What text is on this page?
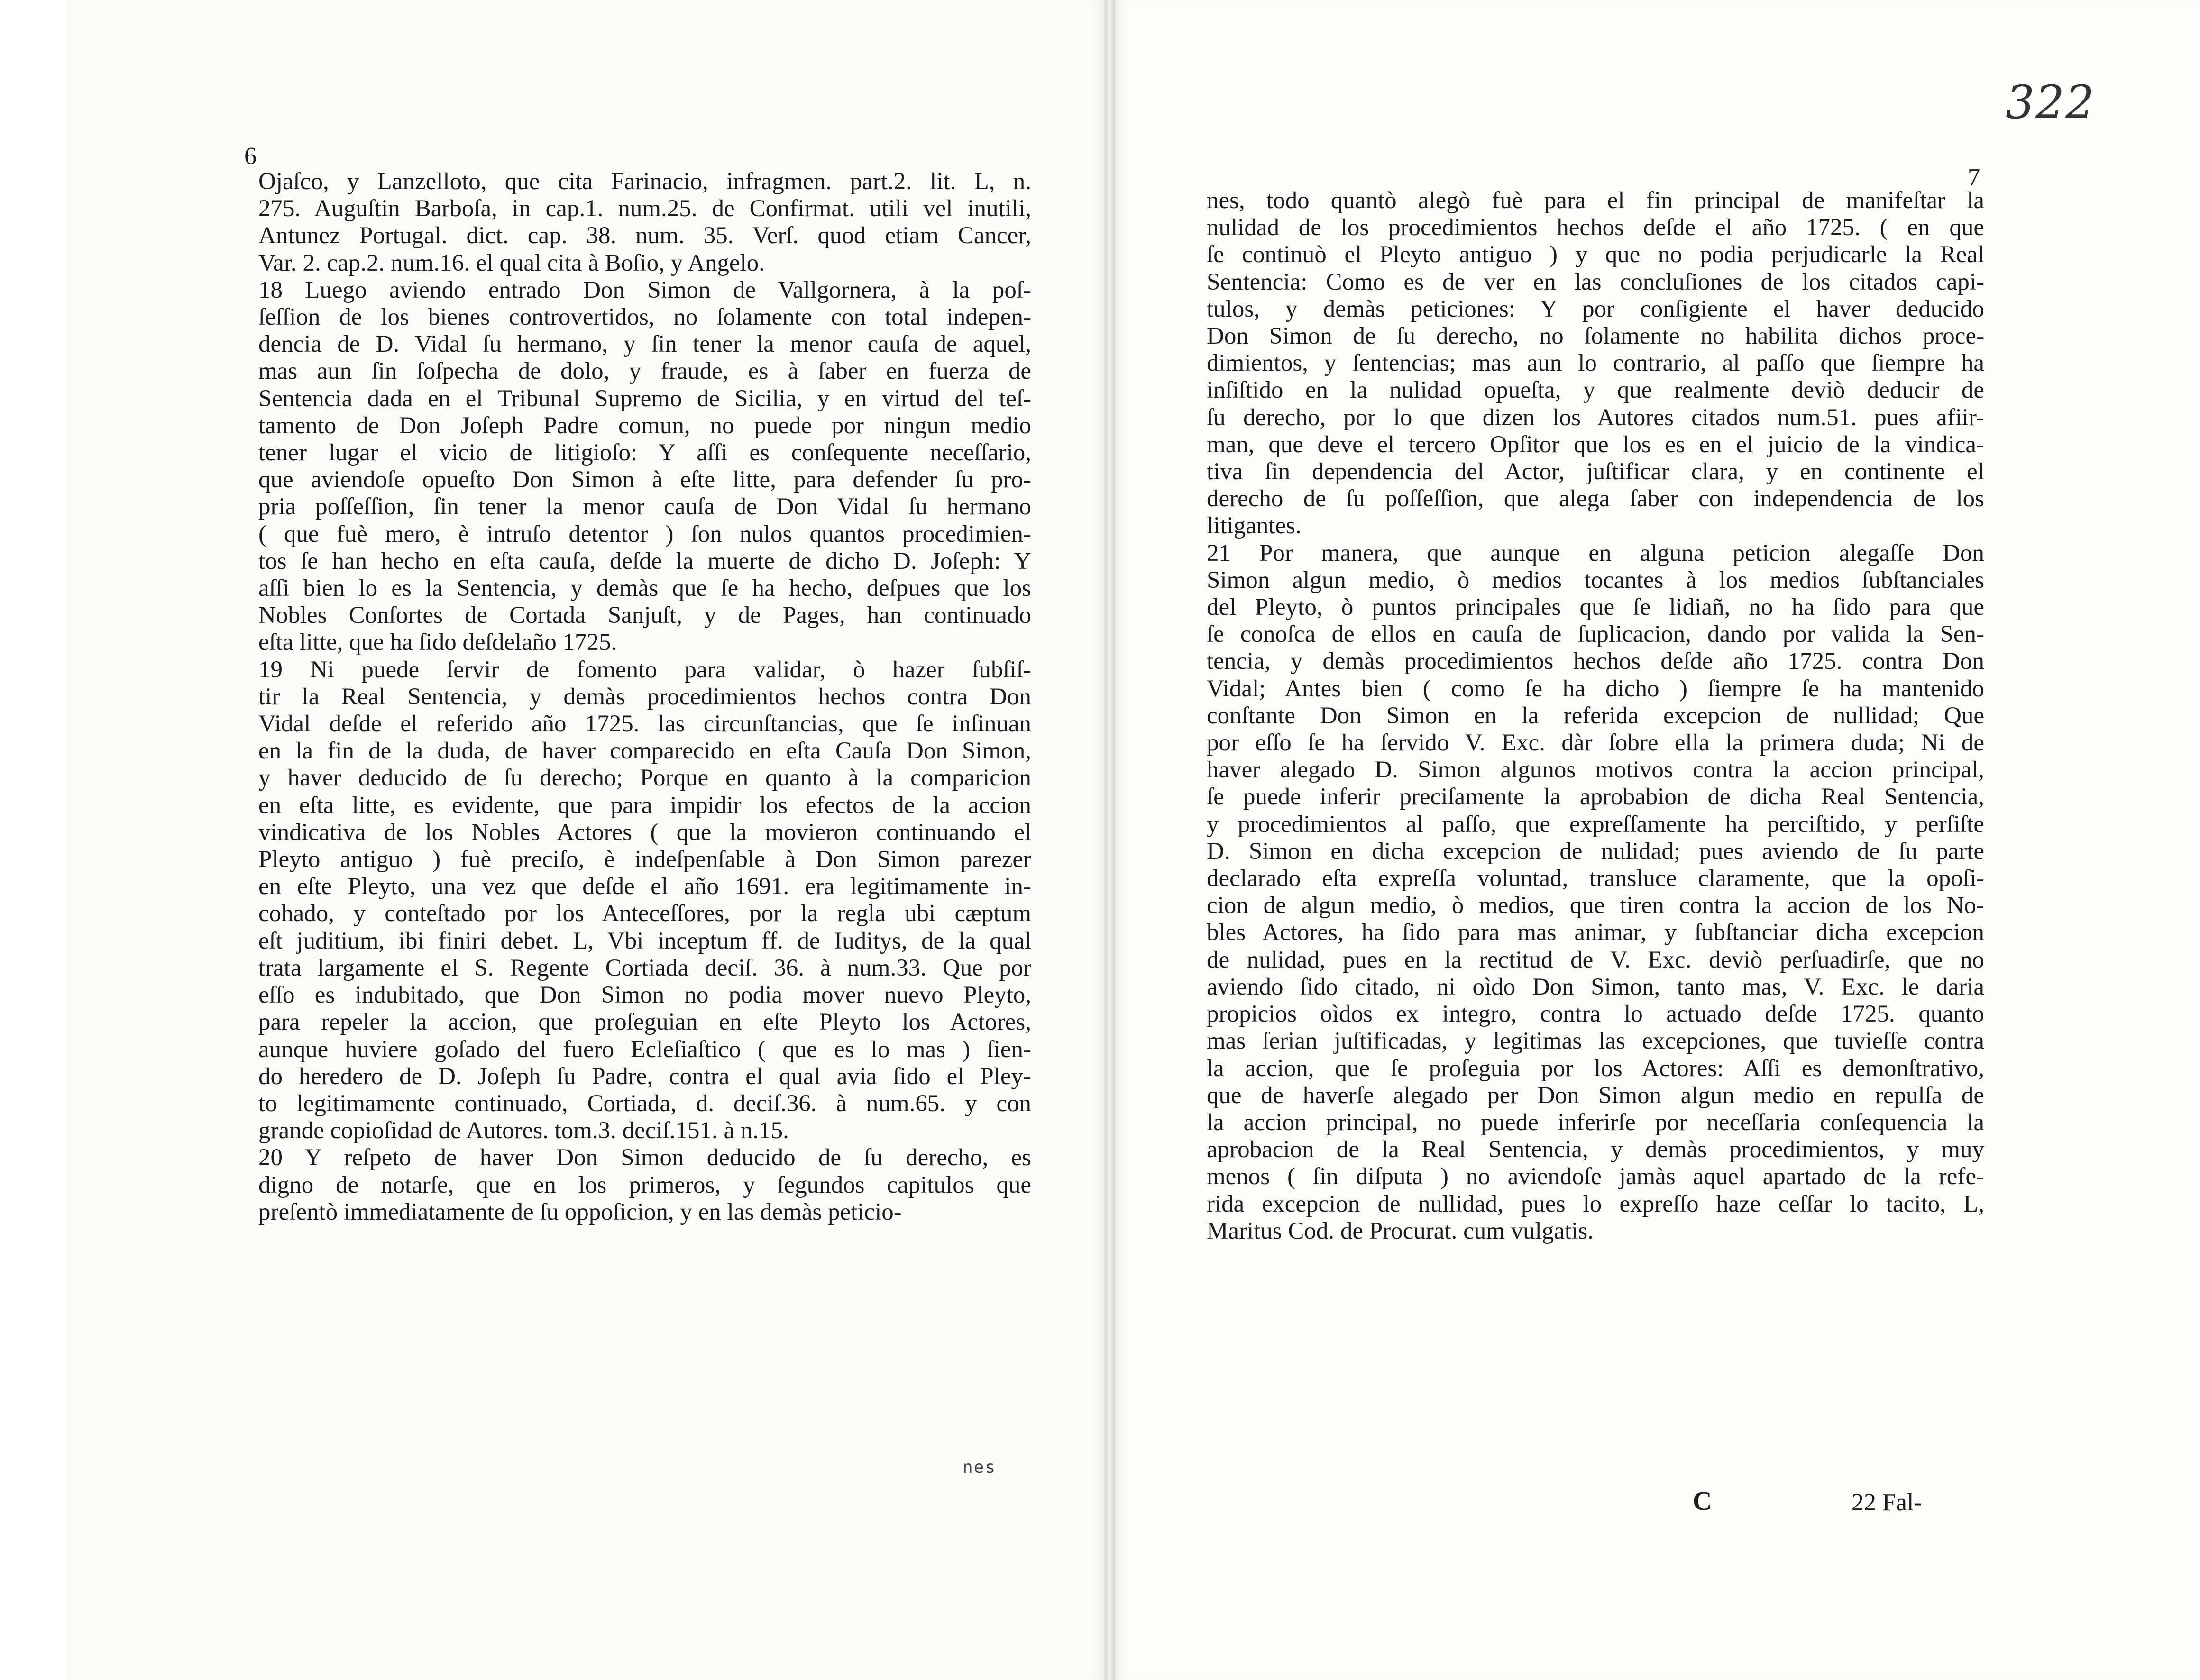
6
Ojaſco, y Lanzelloto, que cita Farinacio, infragmen. part.2. lit. L, n.
275. Auguſtin Barboſa, in cap.1. num.25. de Confirmat. utili vel inutili,
Antunez Portugal. dict. cap. 38. num. 35. Verſ. quod etiam Cancer,
Var. 2. cap.2. num.16. el qual cita à Boſio, y Angelo.
18 Luego aviendo entrado Don Simon de Vallgornera, à la poſ-
ſeſſion de los bienes controvertidos, no ſolamente con total indepen-
dencia de D. Vidal ſu hermano, y ſin tener la menor cauſa de aquel,
mas aun ſin ſoſpecha de dolo, y fraude, es à ſaber en fuerza de
Sentencia dada en el Tribunal Supremo de Sicilia, y en virtud del teſ-
tamento de Don Joſeph Padre comun, no puede por ningun medio
tener lugar el vicio de litigioſo: Y aſſi es conſequente neceſſario,
que aviendoſe opueſto Don Simon à eſte litte, para defender ſu pro-
pria poſſeſſion, ſin tener la menor cauſa de Don Vidal ſu hermano
( que fuè mero, è intruſo detentor ) ſon nulos quantos procedimien-
tos ſe han hecho en eſta cauſa, deſde la muerte de dicho D. Joſeph: Y
aſſi bien lo es la Sentencia, y demàs que ſe ha hecho, deſpues que los
Nobles Conſortes de Cortada Sanjuſt, y de Pages, han continuado
eſta litte, que ha ſido deſdelaño 1725.
19 Ni puede ſervir de fomento para validar, ò hazer ſubſiſ-
tir la Real Sentencia, y demàs procedimientos hechos contra Don
Vidal deſde el referido año 1725. las circunſtancias, que ſe inſinuan
en la fin de la duda, de haver comparecido en eſta Cauſa Don Simon,
y haver deducido de ſu derecho; Porque en quanto à la comparicion
en eſta litte, es evidente, que para impidir los efectos de la accion
vindicativa de los Nobles Actores ( que la movieron continuando el
Pleyto antiguo ) fuè preciſo, è indeſpenſable à Don Simon parezer
en eſte Pleyto, una vez que deſde el año 1691. era legitimamente in-
cohado, y conteſtado por los Anteceſſores, por la regla ubi cæptum
eſt juditium, ibi finiri debet. L, Vbi inceptum ff. de Iuditys, de la qual
trata largamente el S. Regente Cortiada deciſ. 36. à num.33. Que por
eſſo es indubitado, que Don Simon no podia mover nuevo Pleyto,
para repeler la accion, que proſeguian en eſte Pleyto los Actores,
aunque huviere goſado del fuero Ecleſiaſtico ( que es lo mas ) ſien-
do heredero de D. Joſeph ſu Padre, contra el qual avia ſido el Pley-
to legitimamente continuado, Cortiada, d. deciſ.36. à num.65. y con
grande copioſidad de Autores. tom.3. deciſ.151. à n.15.
20 Y reſpeto de haver Don Simon deducido de ſu derecho, es
digno de notarſe, que en los primeros, y ſegundos capitulos que
preſentò immediatamente de ſu oppoſicion, y en las demàs peticio-
nes
322
7
nes, todo quantò alegò fuè para el fin principal de manifeſtar la
nulidad de los procedimientos hechos deſde el año 1725. ( en que
ſe continuò el Pleyto antiguo ) y que no podia perjudicarle la Real
Sentencia: Como es de ver en las concluſiones de los citados capi-
tulos, y demàs peticiones: Y por conſigiente el haver deducido
Don Simon de ſu derecho, no ſolamente no habilita dichos proce-
dimientos, y ſentencias; mas aun lo contrario, al paſſo que ſiempre ha
inſiſtido en la nulidad opueſta, y que realmente deviò deducir de
ſu derecho, por lo que dizen los Autores citados num.51. pues afiir-
man, que deve el tercero Opſitor que los es en el juicio de la vindica-
tiva ſin dependencia del Actor, juſtificar clara, y en continente el
derecho de ſu poſſeſſion, que alega ſaber con independencia de los
litigantes.
21 Por manera, que aunque en alguna peticion alegaſſe Don
Simon algun medio, ò medios tocantes à los medios ſubſtanciales
del Pleyto, ò puntos principales que ſe lidiañ, no ha ſido para que
ſe conoſca de ellos en cauſa de ſuplicacion, dando por valida la Sen-
tencia, y demàs procedimientos hechos deſde año 1725. contra Don
Vidal; Antes bien ( como ſe ha dicho ) ſiempre ſe ha mantenido
conſtante Don Simon en la referida excepcion de nullidad; Que
por eſſo ſe ha ſervido V. Exc. dàr ſobre ella la primera duda; Ni de
haver alegado D. Simon algunos motivos contra la accion principal,
ſe puede inferir preciſamente la aprobabion de dicha Real Sentencia,
y procedimientos al paſſo, que expreſſamente ha perciſtido, y perſiſte
D. Simon en dicha excepcion de nulidad; pues aviendo de ſu parte
declarado eſta expreſſa voluntad, transluce claramente, que la opoſi-
cion de algun medio, ò medios, que tiren contra la accion de los No-
bles Actores, ha ſido para mas animar, y ſubſtanciar dicha excepcion
de nulidad, pues en la rectitud de V. Exc. deviò perſuadirſe, que no
aviendo ſido citado, ni oìdo Don Simon, tanto mas, V. Exc. le daria
propicios oìdos ex integro, contra lo actuado deſde 1725. quanto
mas ſerian juſtificadas, y legitimas las excepciones, que tuvieſſe contra
la accion, que ſe proſeguia por los Actores: Aſſi es demonſtrativo,
que de haverſe alegado per Don Simon algun medio en repulſa de
la accion principal, no puede inferirſe por neceſſaria conſequencia la
aprobacion de la Real Sentencia, y demàs procedimientos, y muy
menos ( ſin diſputa ) no aviendoſe jamàs aquel apartado de la refe-
rida excepcion de nullidad, pues lo expreſſo haze ceſſar lo tacito, L,
Maritus Cod. de Procurat. cum vulgatis.
C	22 Fal-
